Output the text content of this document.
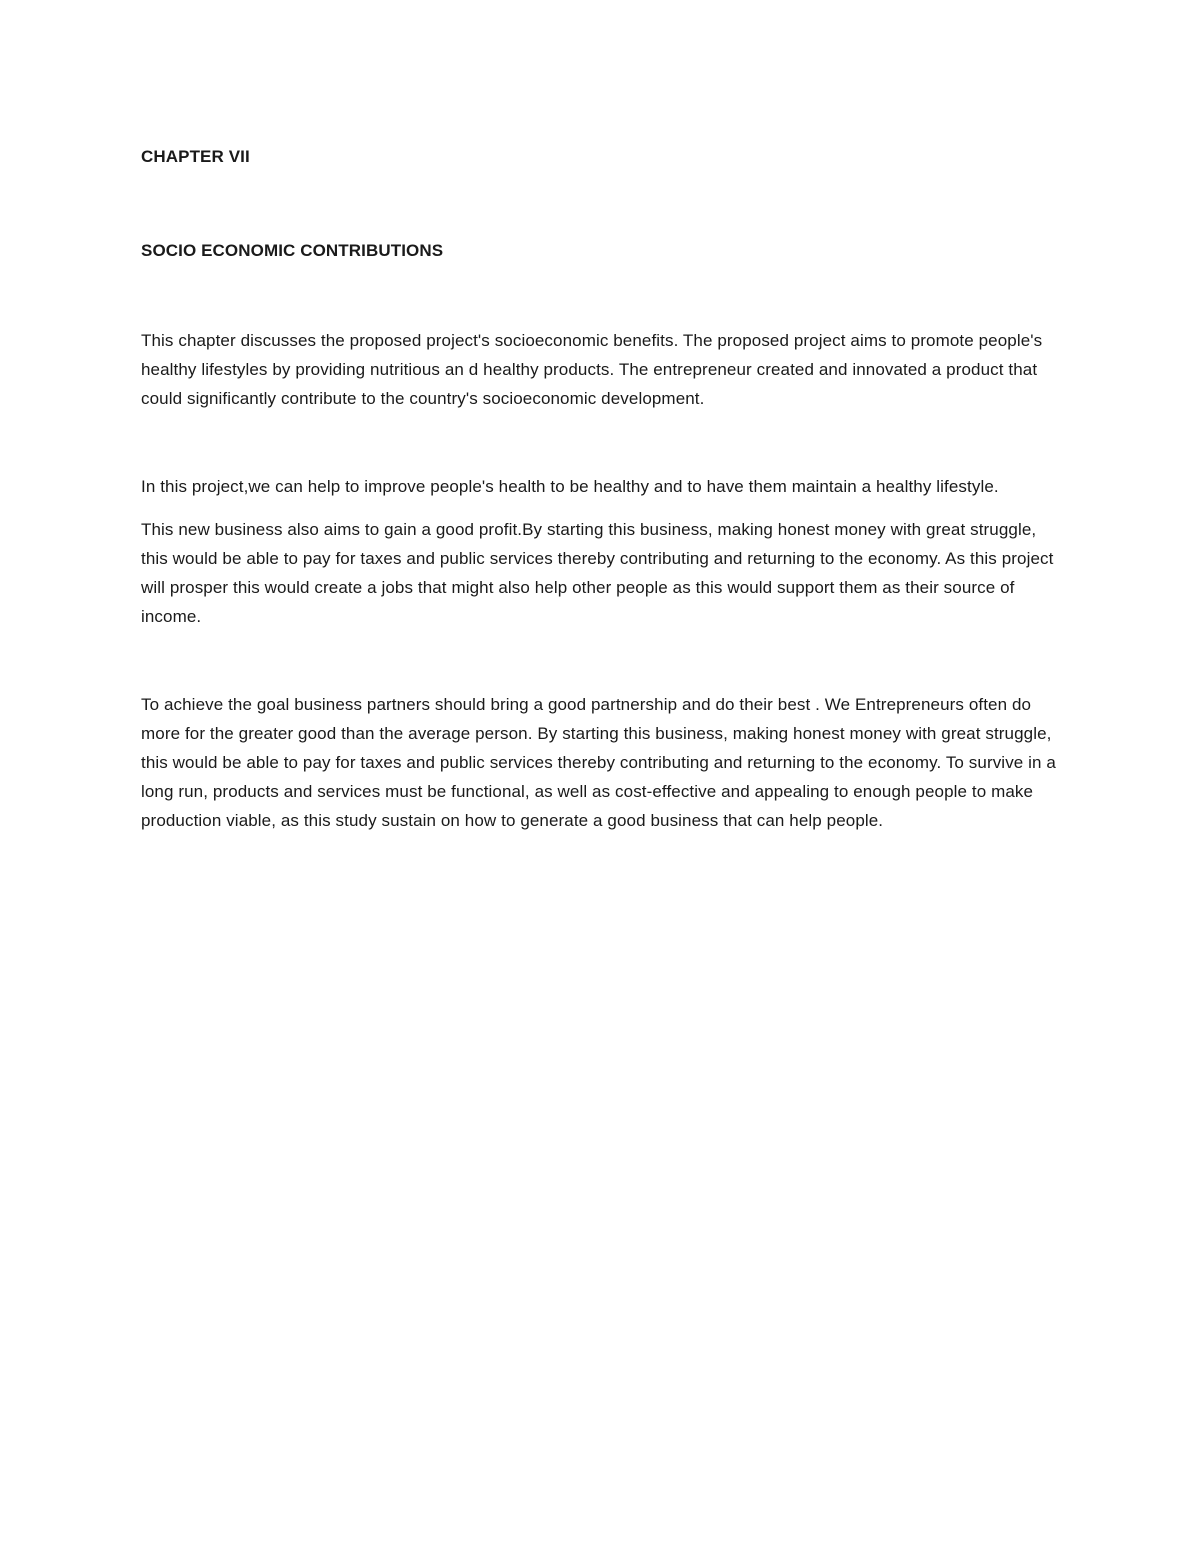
CHAPTER VII

SOCIO ECONOMIC CONTRIBUTIONS

This chapter discusses the proposed project's socioeconomic benefits. The proposed project aims to promote people's healthy lifestyles by providing nutritious an d healthy products. The entrepreneur created and innovated a product that could significantly contribute to the country's socioeconomic development.

In this project,we can help to improve people's health to be healthy and to have them maintain a healthy lifestyle.

This new business also aims to gain a good profit.By starting this business, making honest money with great struggle, this would be able to pay for taxes and public services thereby contributing and returning to the economy. As this project will prosper this would create a jobs that might also help other people as this would support them as their source of income.

To achieve the goal business partners should bring a good partnership and do their best . We Entrepreneurs often do more for the greater good than the average person. By starting this business, making honest money with great struggle, this would be able to pay for taxes and public services thereby contributing and returning to the economy. To survive in a long run, products and services must be functional, as well as cost-effective and appealing to enough people to make production viable, as this study sustain on how to generate a good business that can help people.
